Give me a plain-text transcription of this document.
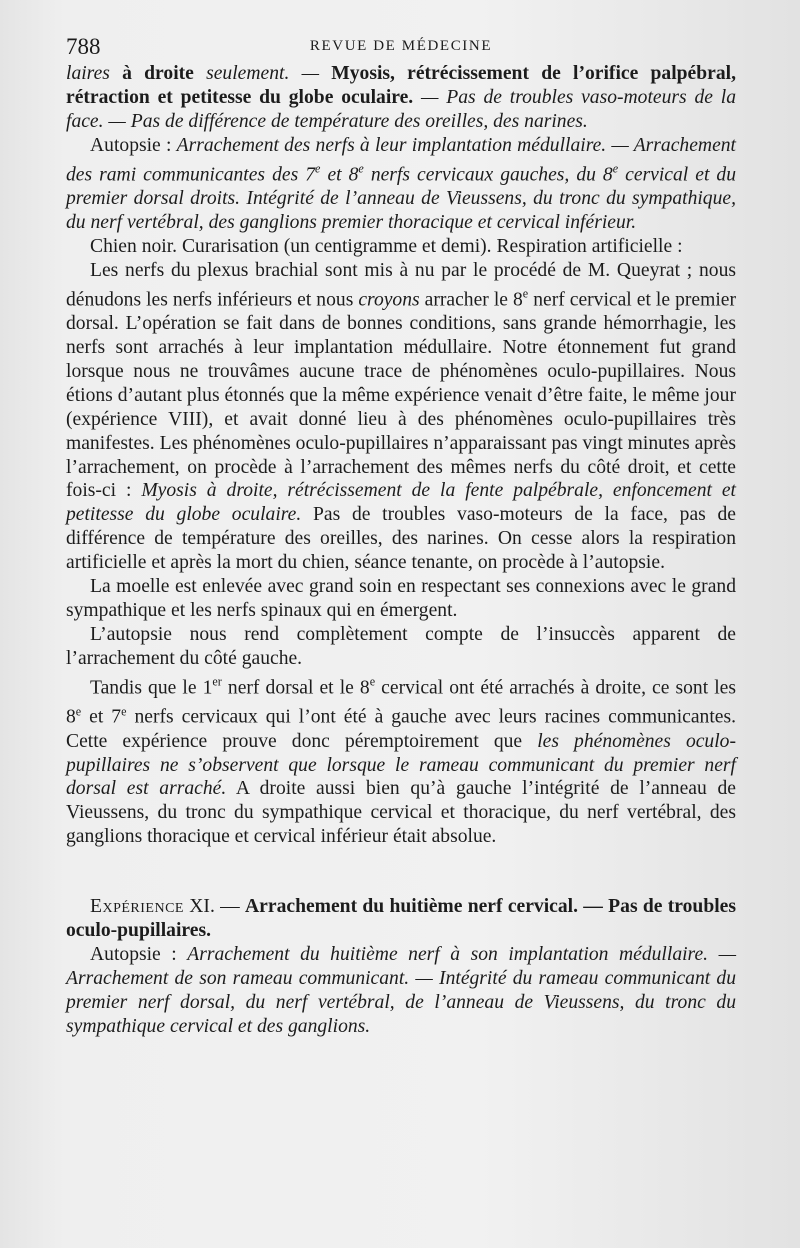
788	REVUE DE MÉDECINE

laires à droite seulement. — Myosis, rétrécissement de l’orifice palpébral, rétraction et petitesse du globe oculaire. — Pas de troubles vaso-moteurs de la face. — Pas de différence de température des oreilles, des narines.

Autopsie : Arrachement des nerfs à leur implantation médullaire. — Arrachement des rami communicantes des 7e et 8e nerfs cervicaux gauches, du 8e cervical et du premier dorsal droits. Intégrité de l’anneau de Vieussens, du tronc du sympathique, du nerf vertébral, des ganglions premier thoracique et cervical inférieur.

Chien noir. Curarisation (un centigramme et demi). Respiration artificielle :

Les nerfs du plexus brachial sont mis à nu par le procédé de M. Queyrat ; nous dénudons les nerfs inférieurs et nous croyons arracher le 8e nerf cervical et le premier dorsal. L’opération se fait dans de bonnes conditions, sans grande hémorrhagie, les nerfs sont arrachés à leur implantation médullaire. Notre étonnement fut grand lorsque nous ne trouvâmes aucune trace de phénomènes oculo-pupillaires. Nous étions d’autant plus étonnés que la même expérience venait d’être faite, le même jour (expérience VIII), et avait donné lieu à des phénomènes oculo-pupillaires très manifestes. Les phénomènes oculo-pupillaires n’apparaissant pas vingt minutes après l’arrachement, on procède à l’arrachement des mêmes nerfs du côté droit, et cette fois-ci : Myosis à droite, rétrécissement de la fente palpébrale, enfoncement et petitesse du globe oculaire. Pas de troubles vaso-moteurs de la face, pas de différence de température des oreilles, des narines. On cesse alors la respiration artificielle et après la mort du chien, séance tenante, on procède à l’autopsie.

La moelle est enlevée avec grand soin en respectant ses connexions avec le grand sympathique et les nerfs spinaux qui en émergent.

L’autopsie nous rend complètement compte de l’insuccès apparent de l’arrachement du côté gauche.

Tandis que le 1er nerf dorsal et le 8e cervical ont été arrachés à droite, ce sont les 8e et 7e nerfs cervicaux qui l’ont été à gauche avec leurs racines communicantes. Cette expérience prouve donc péremptoirement que les phénomènes oculo-pupillaires ne s’observent que lorsque le rameau communicant du premier nerf dorsal est arraché. A droite aussi bien qu’à gauche l’intégrité de l’anneau de Vieussens, du tronc du sympathique cervical et thoracique, du nerf vertébral, des ganglions thoracique et cervical inférieur était absolue.

Expérience XI. — Arrachement du huitième nerf cervical. — Pas de troubles oculo-pupillaires.

Autopsie : Arrachement du huitième nerf à son implantation médullaire. — Arrachement de son rameau communicant. — Intégrité du rameau communicant du premier nerf dorsal, du nerf vertébral, de l’anneau de Vieussens, du tronc du sympathique cervical et des ganglions.
